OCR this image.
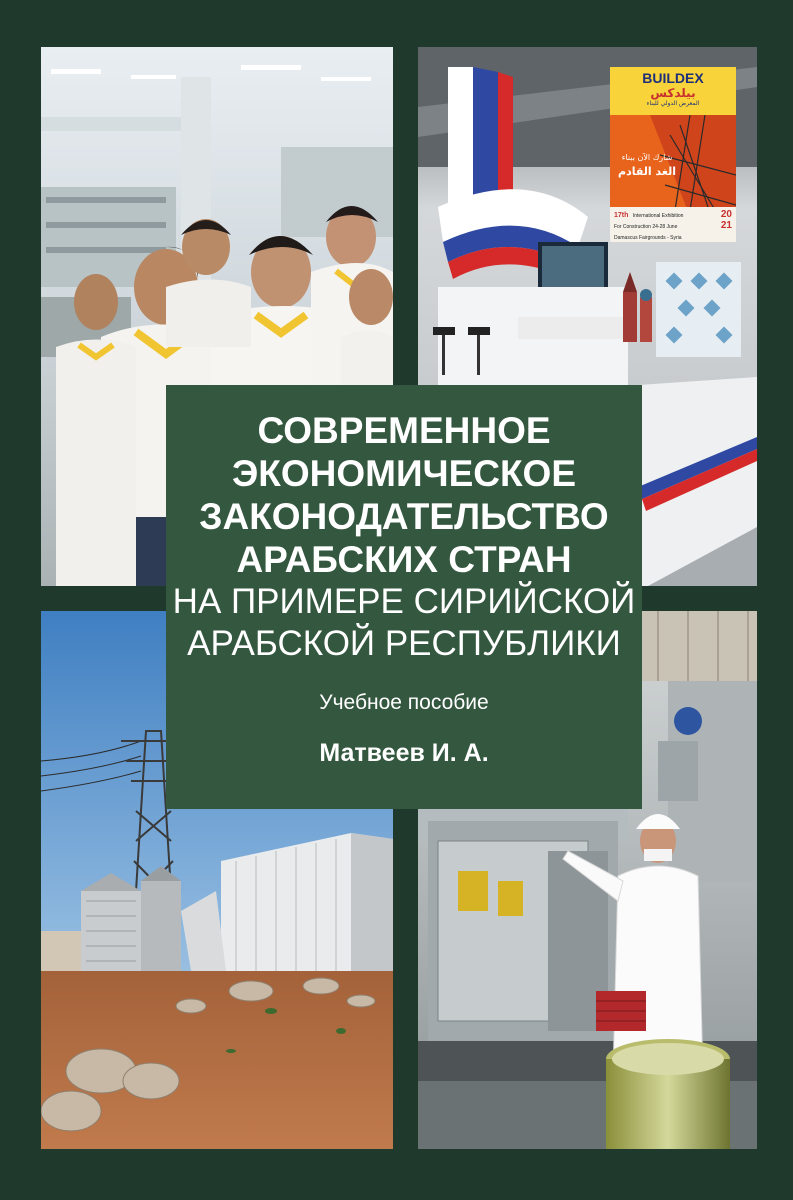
BUILDEX
بيلدكس
المعرض الدولي للبناء
شارك الآن ببناء
الغد القادم
17th International Exhibition
For Construction 24-28 June
Damascus Fairgrounds - Syria
20
21
СОВРЕМЕННОЕ
ЭКОНОМИЧЕСКОЕ
ЗАКОНОДАТЕЛЬСТВО
АРАБСКИХ СТРАН
НА ПРИМЕРЕ СИРИЙСКОЙ
АРАБСКОЙ РЕСПУБЛИКИ
Учебное пособие
Матвеев И. А.
